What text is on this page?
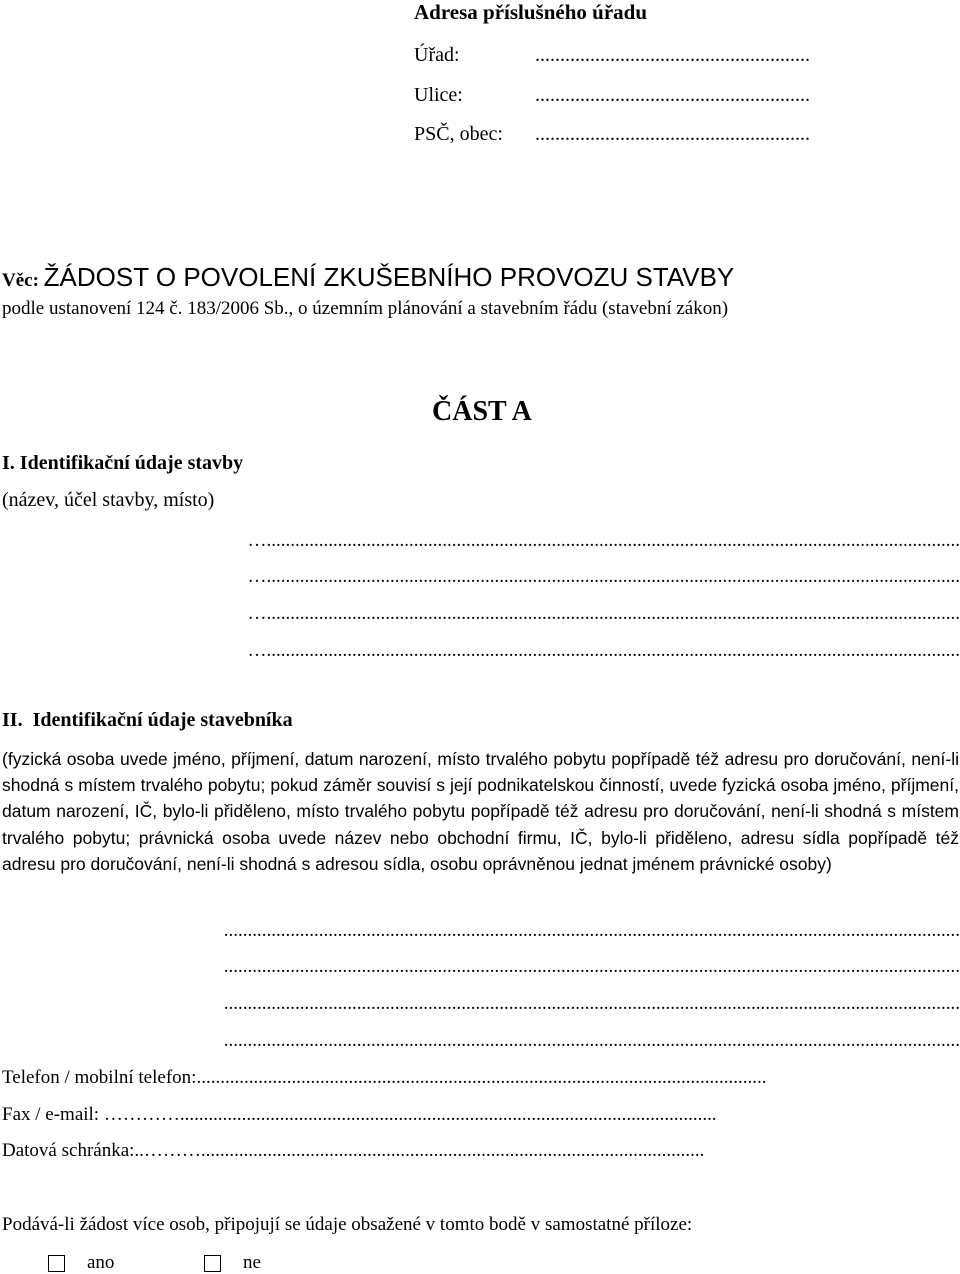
Adresa příslušného úřadu
Úřad:	.......................................................
Ulice:	.......................................................
PSČ, obec: .......................................................
Věc: ŽÁDOST O POVOLENÍ ZKUŠEBNÍHO PROVOZU STAVBY
podle ustanovení 124 č. 183/2006 Sb., o územním plánování a stavebním řádu (stavební zákon)
ČÁST A
I. Identifikační údaje stavby
(název, účel stavby, místo)
…..................................................................................................................................................
…..................................................................................................................................................
…..................................................................................................................................................
…..................................................................................................................................................
II.  Identifikační údaje stavebníka
(fyzická osoba uvede jméno, příjmení, datum narození, místo trvalého pobytu popřípadě též adresu pro doručování, není-li shodná s místem trvalého pobytu; pokud záměr souvisí s její podnikatelskou činností, uvede fyzická osoba jméno, příjmení, datum narození, IČ, bylo-li přiděleno, místo trvalého pobytu popřípadě též adresu pro doručování, není-li shodná s místem trvalého pobytu; právnická osoba uvede název nebo obchodní firmu, IČ, bylo-li přiděleno, adresu sídla popřípadě též adresu pro doručování, není-li shodná s adresou sídla, osobu oprávněnou jednat jménem právnické osoby)
...........................................................................................................................................................
...........................................................................................................................................................
...........................................................................................................................................................
...........................................................................................................................................................
Telefon / mobilní telefon:........................................................................................................................
Fax / e-mail: ………….................................................................................................................
Datová schránka:..………..........................................................................................................
Podává-li žádost více osob, připojují se údaje obsažené v tomto bodě v samostatné příloze:
ano	ne
